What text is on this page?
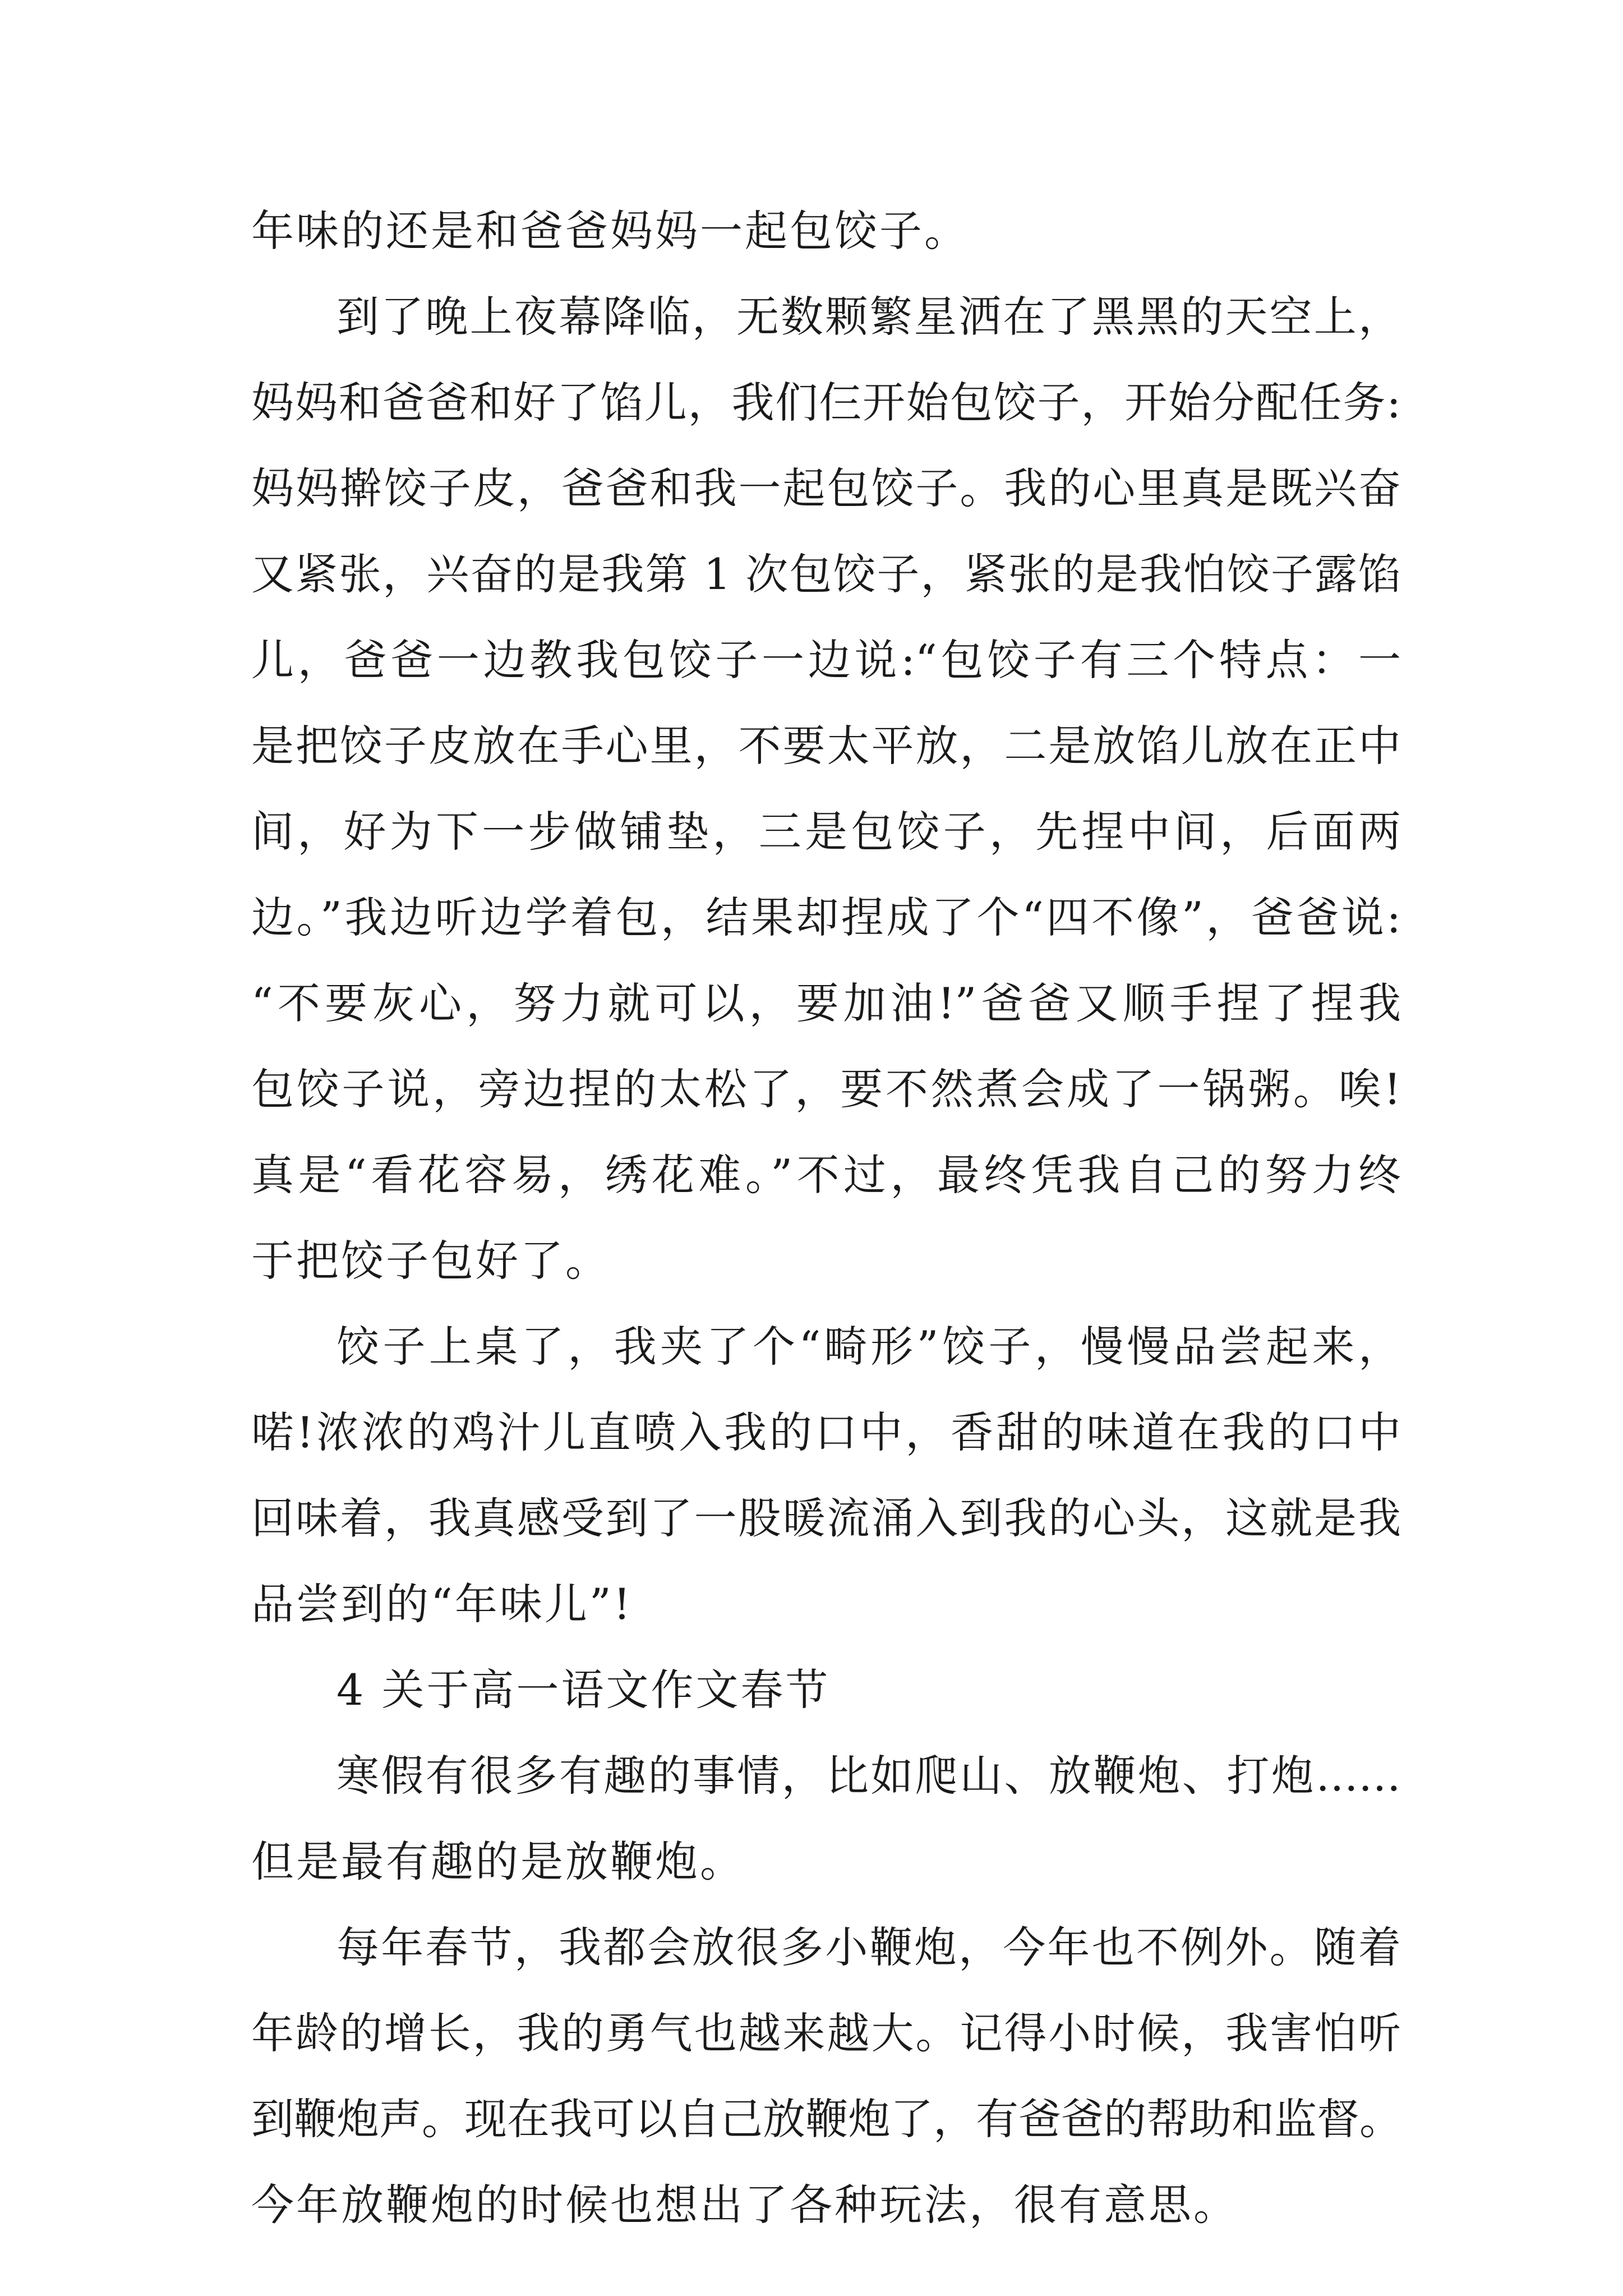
年味的还是和爸爸妈妈一起包饺子。
到了晚上夜幕降临，无数颗繁星洒在了黑黑的天空上，
妈妈和爸爸和好了馅儿，我们仨开始包饺子，开始分配任务:
妈妈擀饺子皮，爸爸和我一起包饺子。我的心里真是既兴奋
又紧张，兴奋的是我第 1 次包饺子，紧张的是我怕饺子露馅
儿，爸爸一边教我包饺子一边说:“包饺子有三个特点：一
是把饺子皮放在手心里，不要太平放，二是放馅儿放在正中
间，好为下一步做铺垫，三是包饺子，先捏中间，后面两
边。”我边听边学着包，结果却捏成了个“四不像”，爸爸说:
“不要灰心，努力就可以，要加油!”爸爸又顺手捏了捏我
包饺子说，旁边捏的太松了，要不然煮会成了一锅粥。唉!
真是“看花容易，绣花难。”不过，最终凭我自己的努力终
于把饺子包好了。
饺子上桌了，我夹了个“畸形”饺子，慢慢品尝起来，
喏!浓浓的鸡汁儿直喷入我的口中，香甜的味道在我的口中
回味着，我真感受到了一股暖流涌入到我的心头，这就是我
品尝到的“年味儿”!
4 关于高一语文作文春节
寒假有很多有趣的事情，比如爬山、放鞭炮、打炮……
但是最有趣的是放鞭炮。
每年春节，我都会放很多小鞭炮，今年也不例外。随着
年龄的增长，我的勇气也越来越大。记得小时候，我害怕听
到鞭炮声。现在我可以自己放鞭炮了，有爸爸的帮助和监督。
今年放鞭炮的时候也想出了各种玩法，很有意思。
